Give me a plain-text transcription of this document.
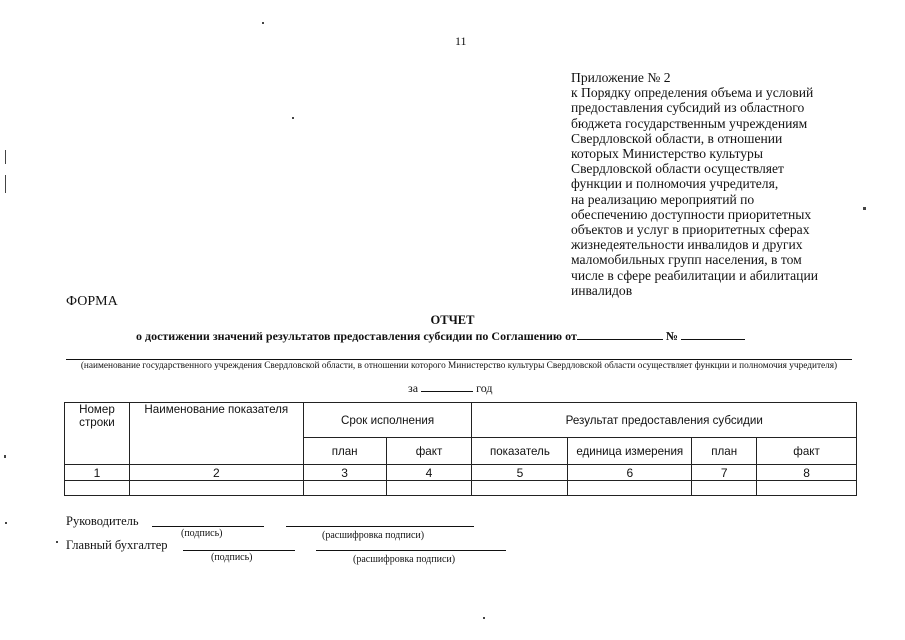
11
Приложение № 2
к Порядку определения объема и условий
предоставления субсидий из областного
бюджета государственным учреждениям
Свердловской области, в отношении
которых Министерство культуры
Свердловской области осуществляет
функции и полномочия учредителя,
на реализацию мероприятий по
обеспечению доступности приоритетных
объектов и услуг в приоритетных сферах
жизнедеятельности инвалидов и других
маломобильных групп населения, в том
числе в сфере реабилитации и абилитации
инвалидов
ФОРМА
ОТЧЕТ
о достижении значений результатов предоставления субсидии по Соглашению от	№
(наименование государственного учреждения Свердловской области, в отношении которого Министерство культуры Свердловской области осуществляет функции и полномочия учредителя)
за	год
Номер строки	Наименование показателя	Срок исполнения		Результат предоставления субсидии			
		план	факт	показатель	единица измерения	план	факт
1	2	3	4	5	6	7	8

Руководитель
(подпись)	(расшифровка подписи)
Главный бухгалтер
(подпись)	(расшифровка подписи)
